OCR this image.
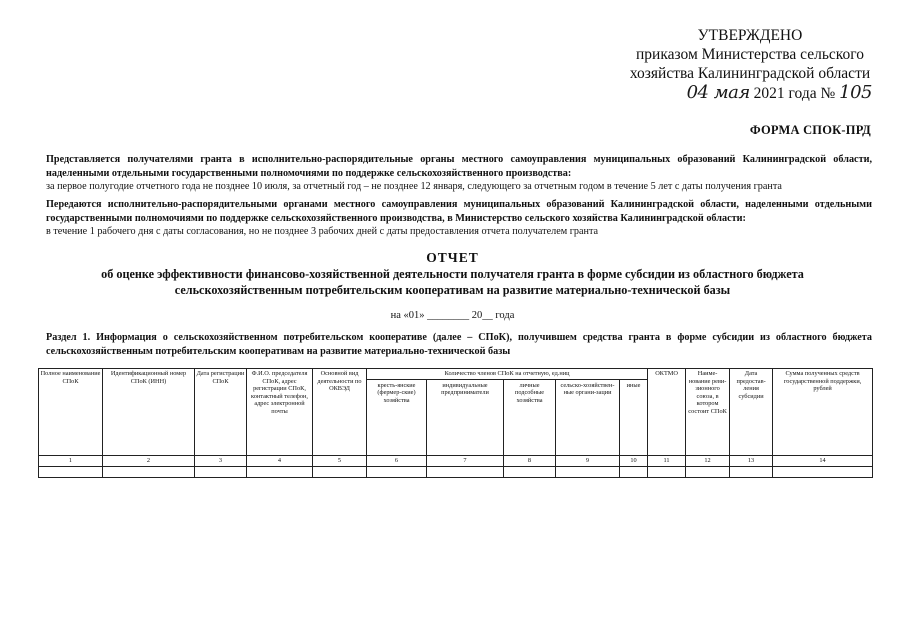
УТВЕРЖДЕНО
приказом Министерства сельского
хозяйства Калининградской области
04 мая 2021 года № 105
ФОРМА СПОК-ПРД
Представляется получателями гранта в исполнительно-распорядительные органы местного самоуправления муниципальных образований Калининградской области, наделенными отдельными государственными полномочиями по поддержке сельскохозяйственного производства:
за первое полугодие отчетного года не позднее 10 июля, за отчетный год – не позднее 12 января, следующего за отчетным годом в течение 5 лет с даты получения гранта
Передаются исполнительно-распорядительными органами местного самоуправления муниципальных образований Калининградской области, наделенными отдельными государственными полномочиями по поддержке сельскохозяйственного производства, в Министерство сельского хозяйства Калининградской области:
в течение 1 рабочего дня с даты согласования, но не позднее 3 рабочих дней с даты предоставления отчета получателем гранта
ОТЧЕТ
об оценке эффективности финансово-хозяйственной деятельности получателя гранта в форме субсидии из областного бюджета сельскохозяйственным потребительским кооперативам на развитие материально-технической базы
на «01» ________ 20__ года
Раздел 1. Информация о сельскохозяйственном потребительском кооперативе (далее – СПоК), получившем средства гранта в форме субсидии из областного бюджета сельскохозяйственным потребительским кооперативам на развитие материально-технической базы
Полное наименование СПоК	Идентификационный номер СПоК (ИНН)	Дата регистрации СПоК	Ф.И.О. председателя СПоК, адрес регистрации СПоК, контактный телефон, адрес электронной почты	Основной вид деятельности по ОКВЭД	Количество членов СПоК на отчетную, ед.ниц					ОКТМО	Наиме-нование реви-зионного союза, в котором состоит СПоК	Дата предостав-ления субсидии	Сумма полученных средств государственной поддержки, рублей
					кресть-янские (фермер-ские) хозяйства	индивидуальные предприниматели	личные подсобные хозяйства	сельско-хозяйствен-ные органи-зации	иные				
1	2	3	4	5	6	7	8	9	10	11	12	13	14
